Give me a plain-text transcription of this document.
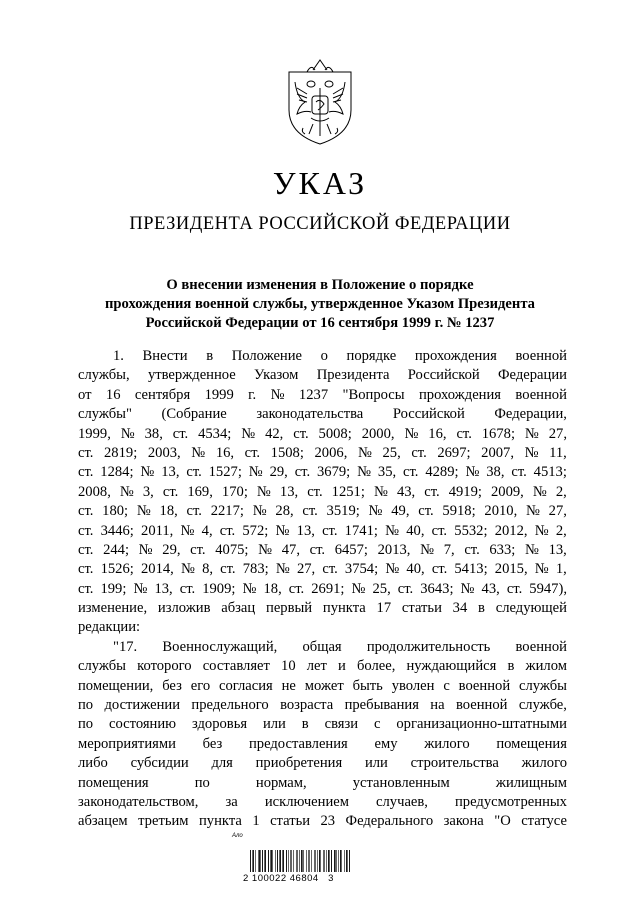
УКАЗ
ПРЕЗИДЕНТА РОССИЙСКОЙ ФЕДЕРАЦИИ
О внесении изменения в Положение о порядке
прохождения военной службы, утвержденное Указом Президента
Российской Федерации от 16 сентября 1999 г. № 1237
1. Внести в Положение о порядке прохождения военной
службы, утвержденное Указом Президента Российской Федерации
от 16 сентября 1999 г. № 1237 "Вопросы прохождения военной
службы" (Собрание законодательства Российской Федерации,
1999, № 38, ст. 4534; № 42, ст. 5008; 2000, № 16, ст. 1678; № 27,
ст. 2819; 2003, № 16, ст. 1508; 2006, № 25, ст. 2697; 2007, № 11,
ст. 1284; № 13, ст. 1527; № 29, ст. 3679; № 35, ст. 4289; № 38, ст. 4513;
2008, № 3, ст. 169, 170; № 13, ст. 1251; № 43, ст. 4919; 2009, № 2,
ст. 180; № 18, ст. 2217; № 28, ст. 3519; № 49, ст. 5918; 2010, № 27,
ст. 3446; 2011, № 4, ст. 572; № 13, ст. 1741; № 40, ст. 5532; 2012, № 2,
ст. 244; № 29, ст. 4075; № 47, ст. 6457; 2013, № 7, ст. 633; № 13,
ст. 1526; 2014, № 8, ст. 783; № 27, ст. 3754; № 40, ст. 5413; 2015, № 1,
ст. 199; № 13, ст. 1909; № 18, ст. 2691; № 25, ст. 3643; № 43, ст. 5947),
изменение, изложив абзац первый пункта 17 статьи 34 в следующей
редакции:
"17. Военнослужащий, общая продолжительность военной
службы которого составляет 10 лет и более, нуждающийся в жилом
помещении, без его согласия не может быть уволен с военной службы
по достижении предельного возраста пребывания на военной службе,
по состоянию здоровья или в связи с организационно-штатными
мероприятиями без предоставления ему жилого помещения
либо субсидии для приобретения или строительства жилого
помещения	по	нормам,	установленным	жилищным
законодательством, за исключением случаев, предусмотренных
абзацем третьим пункта 1 статьи 23 Федерального закона "О статусе
Ало
2 100022 46804   3
